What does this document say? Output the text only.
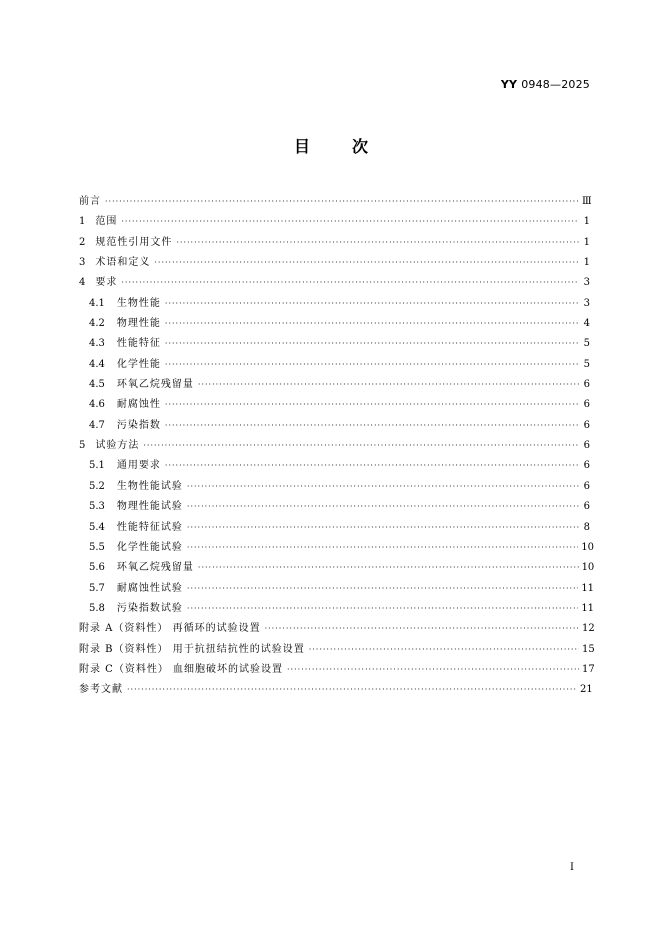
YY 0948—2025
目次
前言 ·····	Ⅲ
1 范围 ·····	1
2 规范性引用文件 ·····	1
3 术语和定义 ·····	1
4 要求 ·····	3
4.1 生物性能 ·····	3
4.2 物理性能 ·····	4
4.3 性能特征 ·····	5
4.4 化学性能 ·····	5
4.5 环氧乙烷残留量 ·····	6
4.6 耐腐蚀性 ·····	6
4.7 污染指数 ·····	6
5 试验方法 ·····	6
5.1 通用要求 ·····	6
5.2 生物性能试验 ·····	6
5.3 物理性能试验 ·····	6
5.4 性能特征试验 ·····	8
5.5 化学性能试验 ·····	10
5.6 环氧乙烷残留量 ·····	10
5.7 耐腐蚀性试验 ·····	11
5.8 污染指数试验 ·····	11
附录 A（资料性） 再循环的试验设置 ·····	12
附录 B（资料性） 用于抗扭结抗性的试验设置 ·····	15
附录 C（资料性） 血细胞破坏的试验设置 ·····	17
参考文献 ·····	21
Ⅰ
